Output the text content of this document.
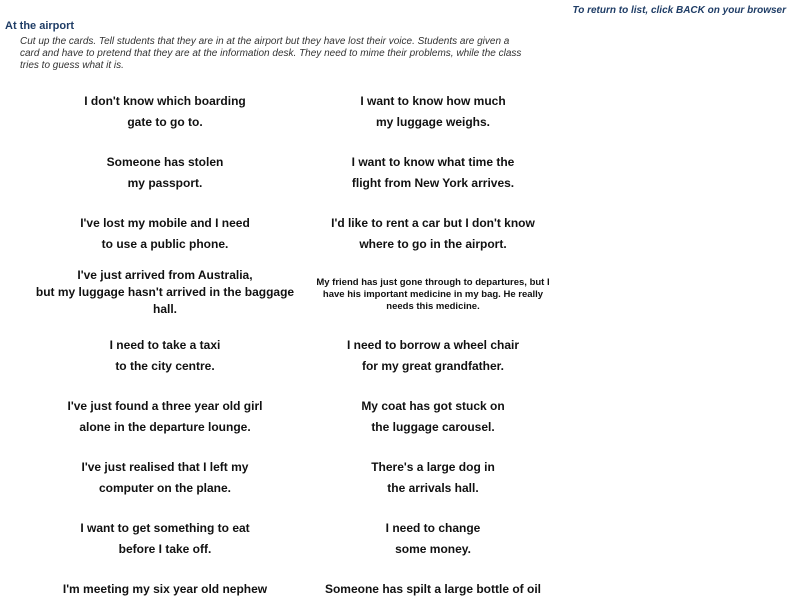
To return to list, click BACK on your browser
At the airport
Cut up the cards. Tell students that they are in at the airport but they have lost their voice. Students are given a card and have to pretend that they are at the information desk. They need to mime their problems, while the class tries to guess what it is.
I don't know which boarding
gate to go to.
I want to know how much
my luggage weighs.
Someone has stolen
my passport.
I want to know what time the
flight from New York arrives.
I've lost my mobile and I need
to use a public phone.
I'd like to rent a car but I don't know
where to go in the airport.
I've just arrived from Australia,
but my luggage hasn't arrived in the baggage
hall.
My friend has just gone through to departures, but I
have his important medicine in my bag. He really
needs this medicine.
I need to take a taxi
to the city centre.
I need to borrow a wheel chair
for my great grandfather.
I've just found a three year old girl
alone in the departure lounge.
My coat has got stuck on
the luggage carousel.
I've just realised that I left my
computer on the plane.
There's a large dog in
the arrivals hall.
I want to get something to eat
before I take off.
I need to change
some money.
I'm meeting my six year old nephew	Someone has spilt a large bottle of oil
